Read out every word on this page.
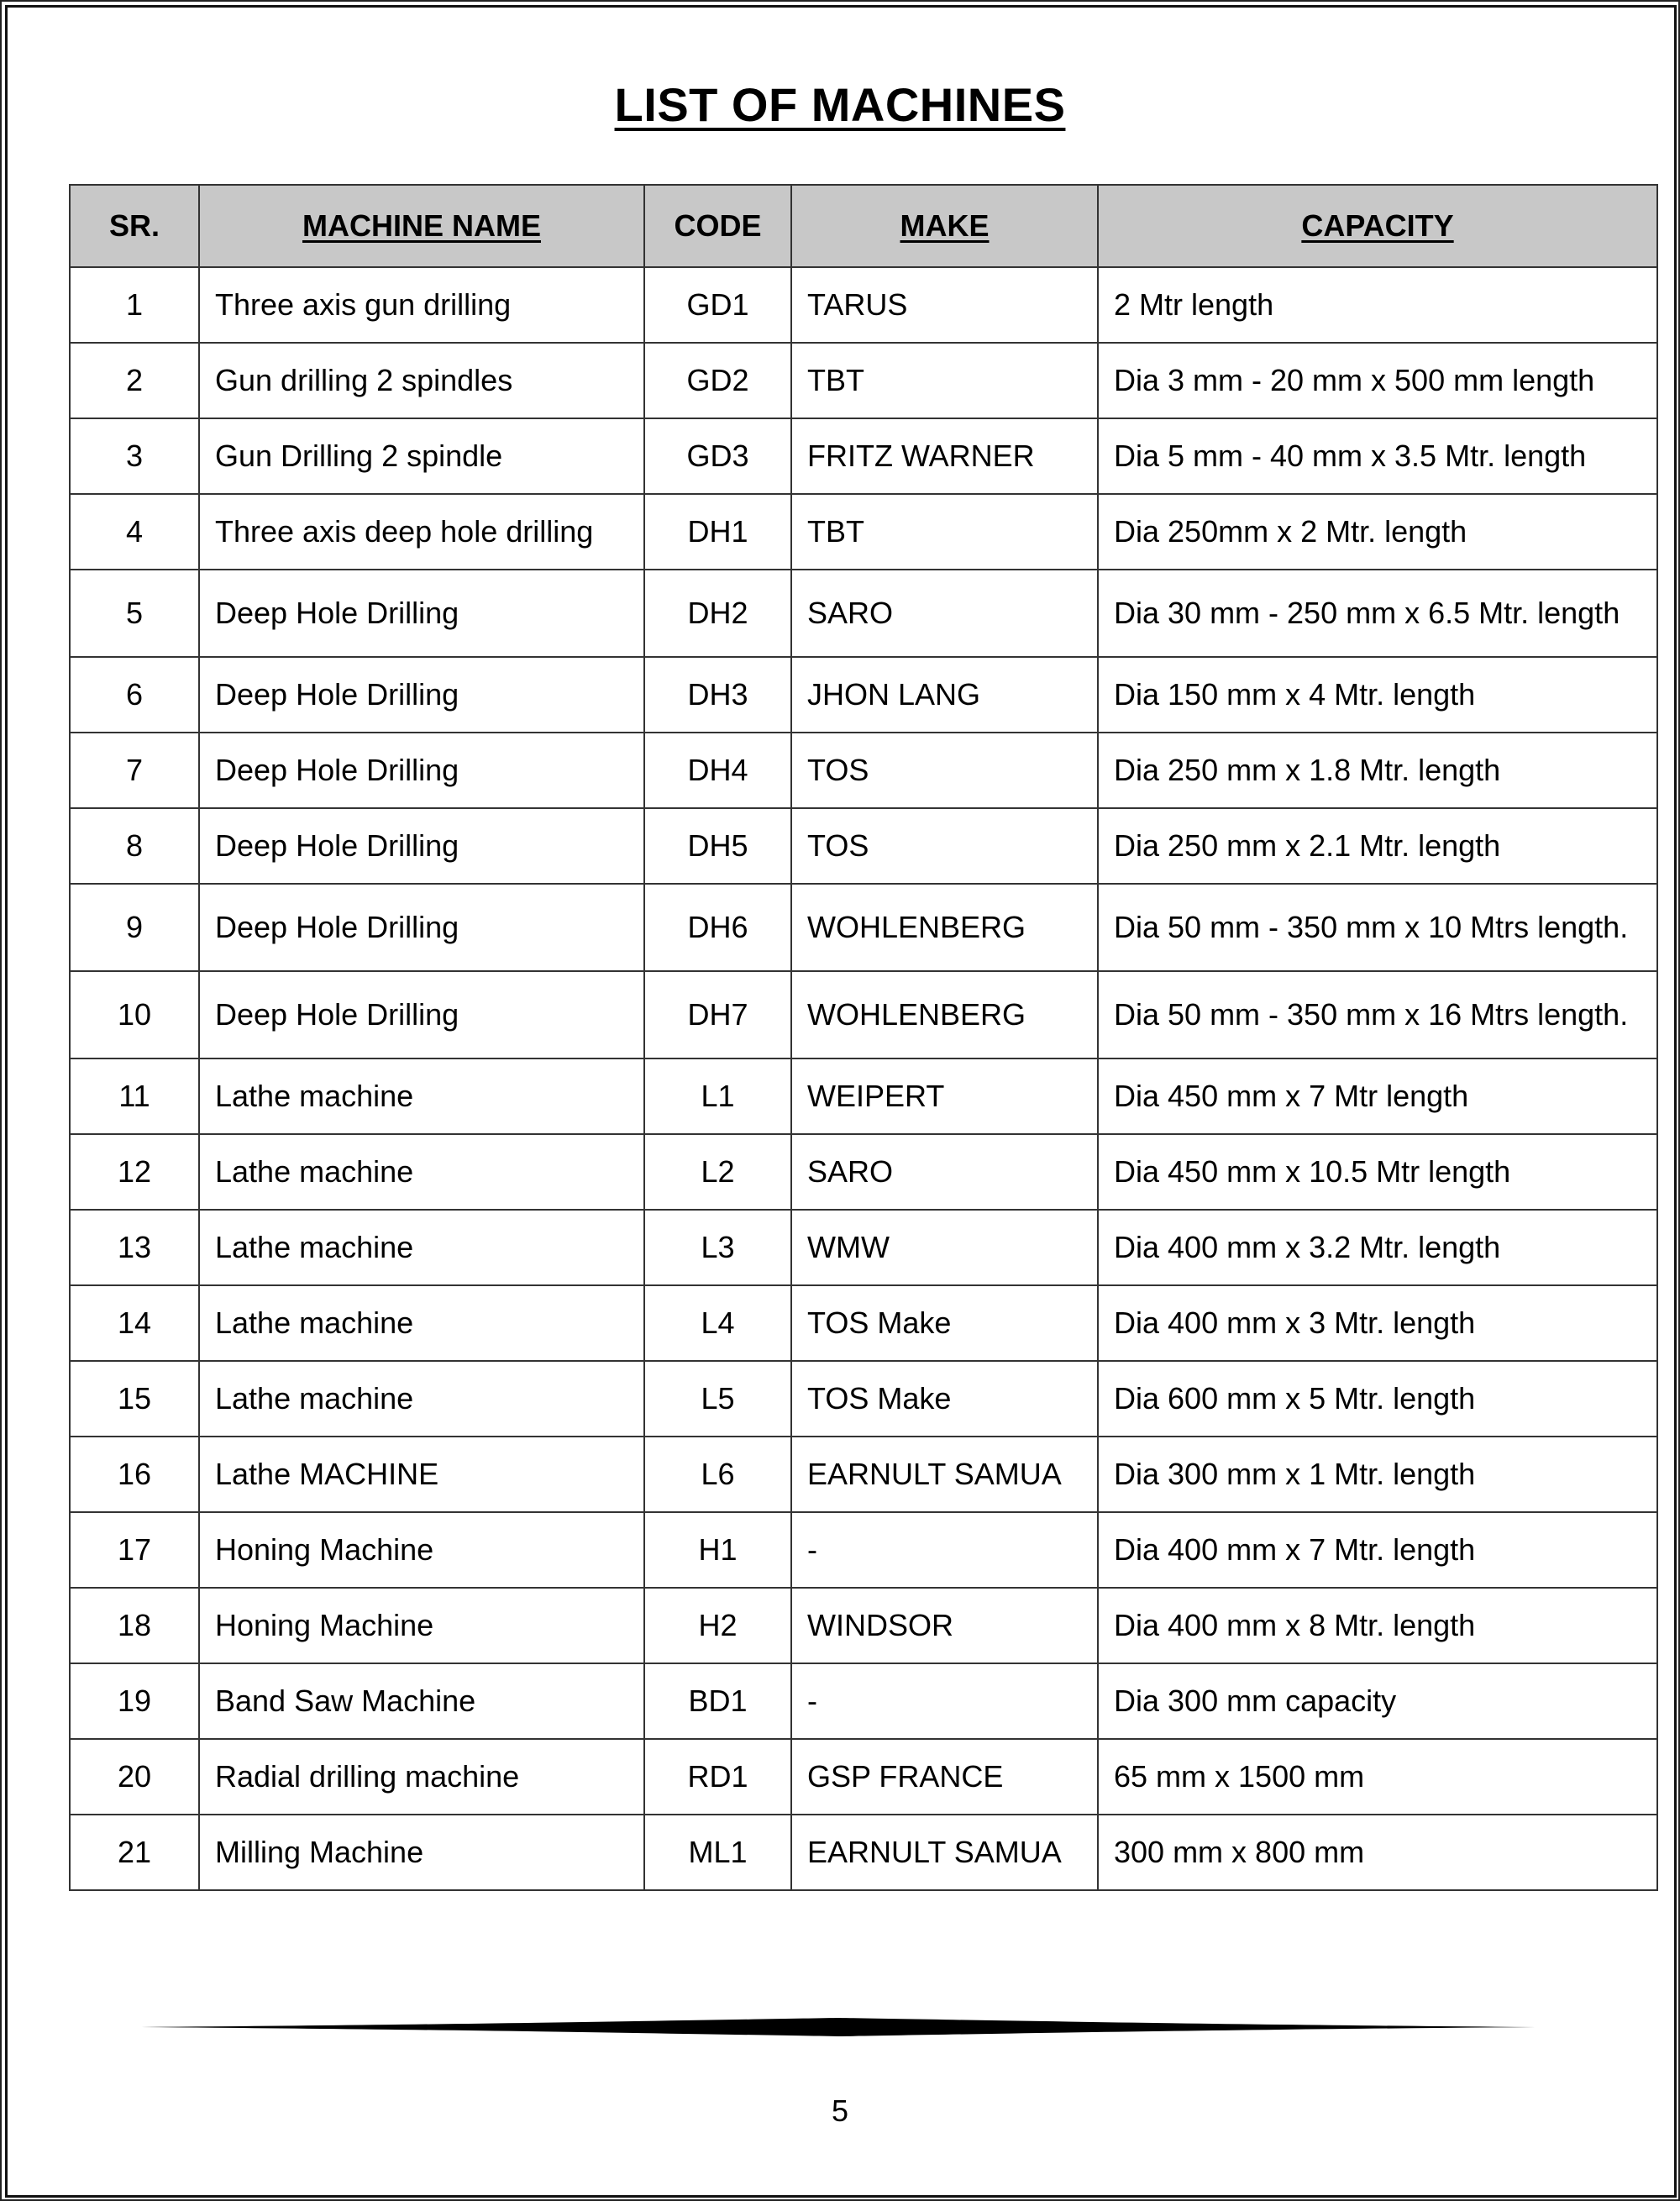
LIST OF MACHINES
SR.	MACHINE NAME	CODE	MAKE	CAPACITY
1	Three axis gun drilling	GD1	TARUS	2 Mtr length
2	Gun drilling 2 spindles	GD2	TBT	Dia 3 mm - 20 mm x 500 mm length
3	Gun Drilling 2 spindle	GD3	FRITZ WARNER	Dia 5 mm - 40 mm x 3.5 Mtr. length
4	Three axis deep hole drilling	DH1	TBT	Dia 250mm x 2 Mtr. length
5	Deep Hole Drilling	DH2	SARO	Dia 30 mm - 250 mm x 6.5 Mtr. length
6	Deep Hole Drilling	DH3	JHON LANG	Dia 150 mm x 4 Mtr. length
7	Deep Hole Drilling	DH4	TOS	Dia 250 mm x 1.8 Mtr. length
8	Deep Hole Drilling	DH5	TOS	Dia 250 mm x 2.1 Mtr. length
9	Deep Hole Drilling	DH6	WOHLENBERG	Dia 50 mm - 350 mm x 10 Mtrs length.
10	Deep Hole Drilling	DH7	WOHLENBERG	Dia 50 mm - 350 mm x 16 Mtrs length.
11	Lathe machine	L1	WEIPERT	Dia 450 mm x 7 Mtr length
12	Lathe machine	L2	SARO	Dia 450 mm x 10.5 Mtr length
13	Lathe machine	L3	WMW	Dia 400 mm x 3.2 Mtr. length
14	Lathe machine	L4	TOS Make	Dia 400 mm x 3 Mtr. length
15	Lathe machine	L5	TOS Make	Dia 600 mm x 5 Mtr. length
16	Lathe MACHINE	L6	EARNULT SAMUA	Dia 300 mm x 1 Mtr. length
17	Honing Machine	H1	-	Dia 400 mm x 7 Mtr. length
18	Honing Machine	H2	WINDSOR	Dia 400 mm x 8 Mtr. length
19	Band Saw Machine	BD1	-	Dia 300 mm capacity
20	Radial drilling machine	RD1	GSP FRANCE	65 mm x 1500 mm
21	Milling Machine	ML1	EARNULT SAMUA	300 mm x 800 mm
5
